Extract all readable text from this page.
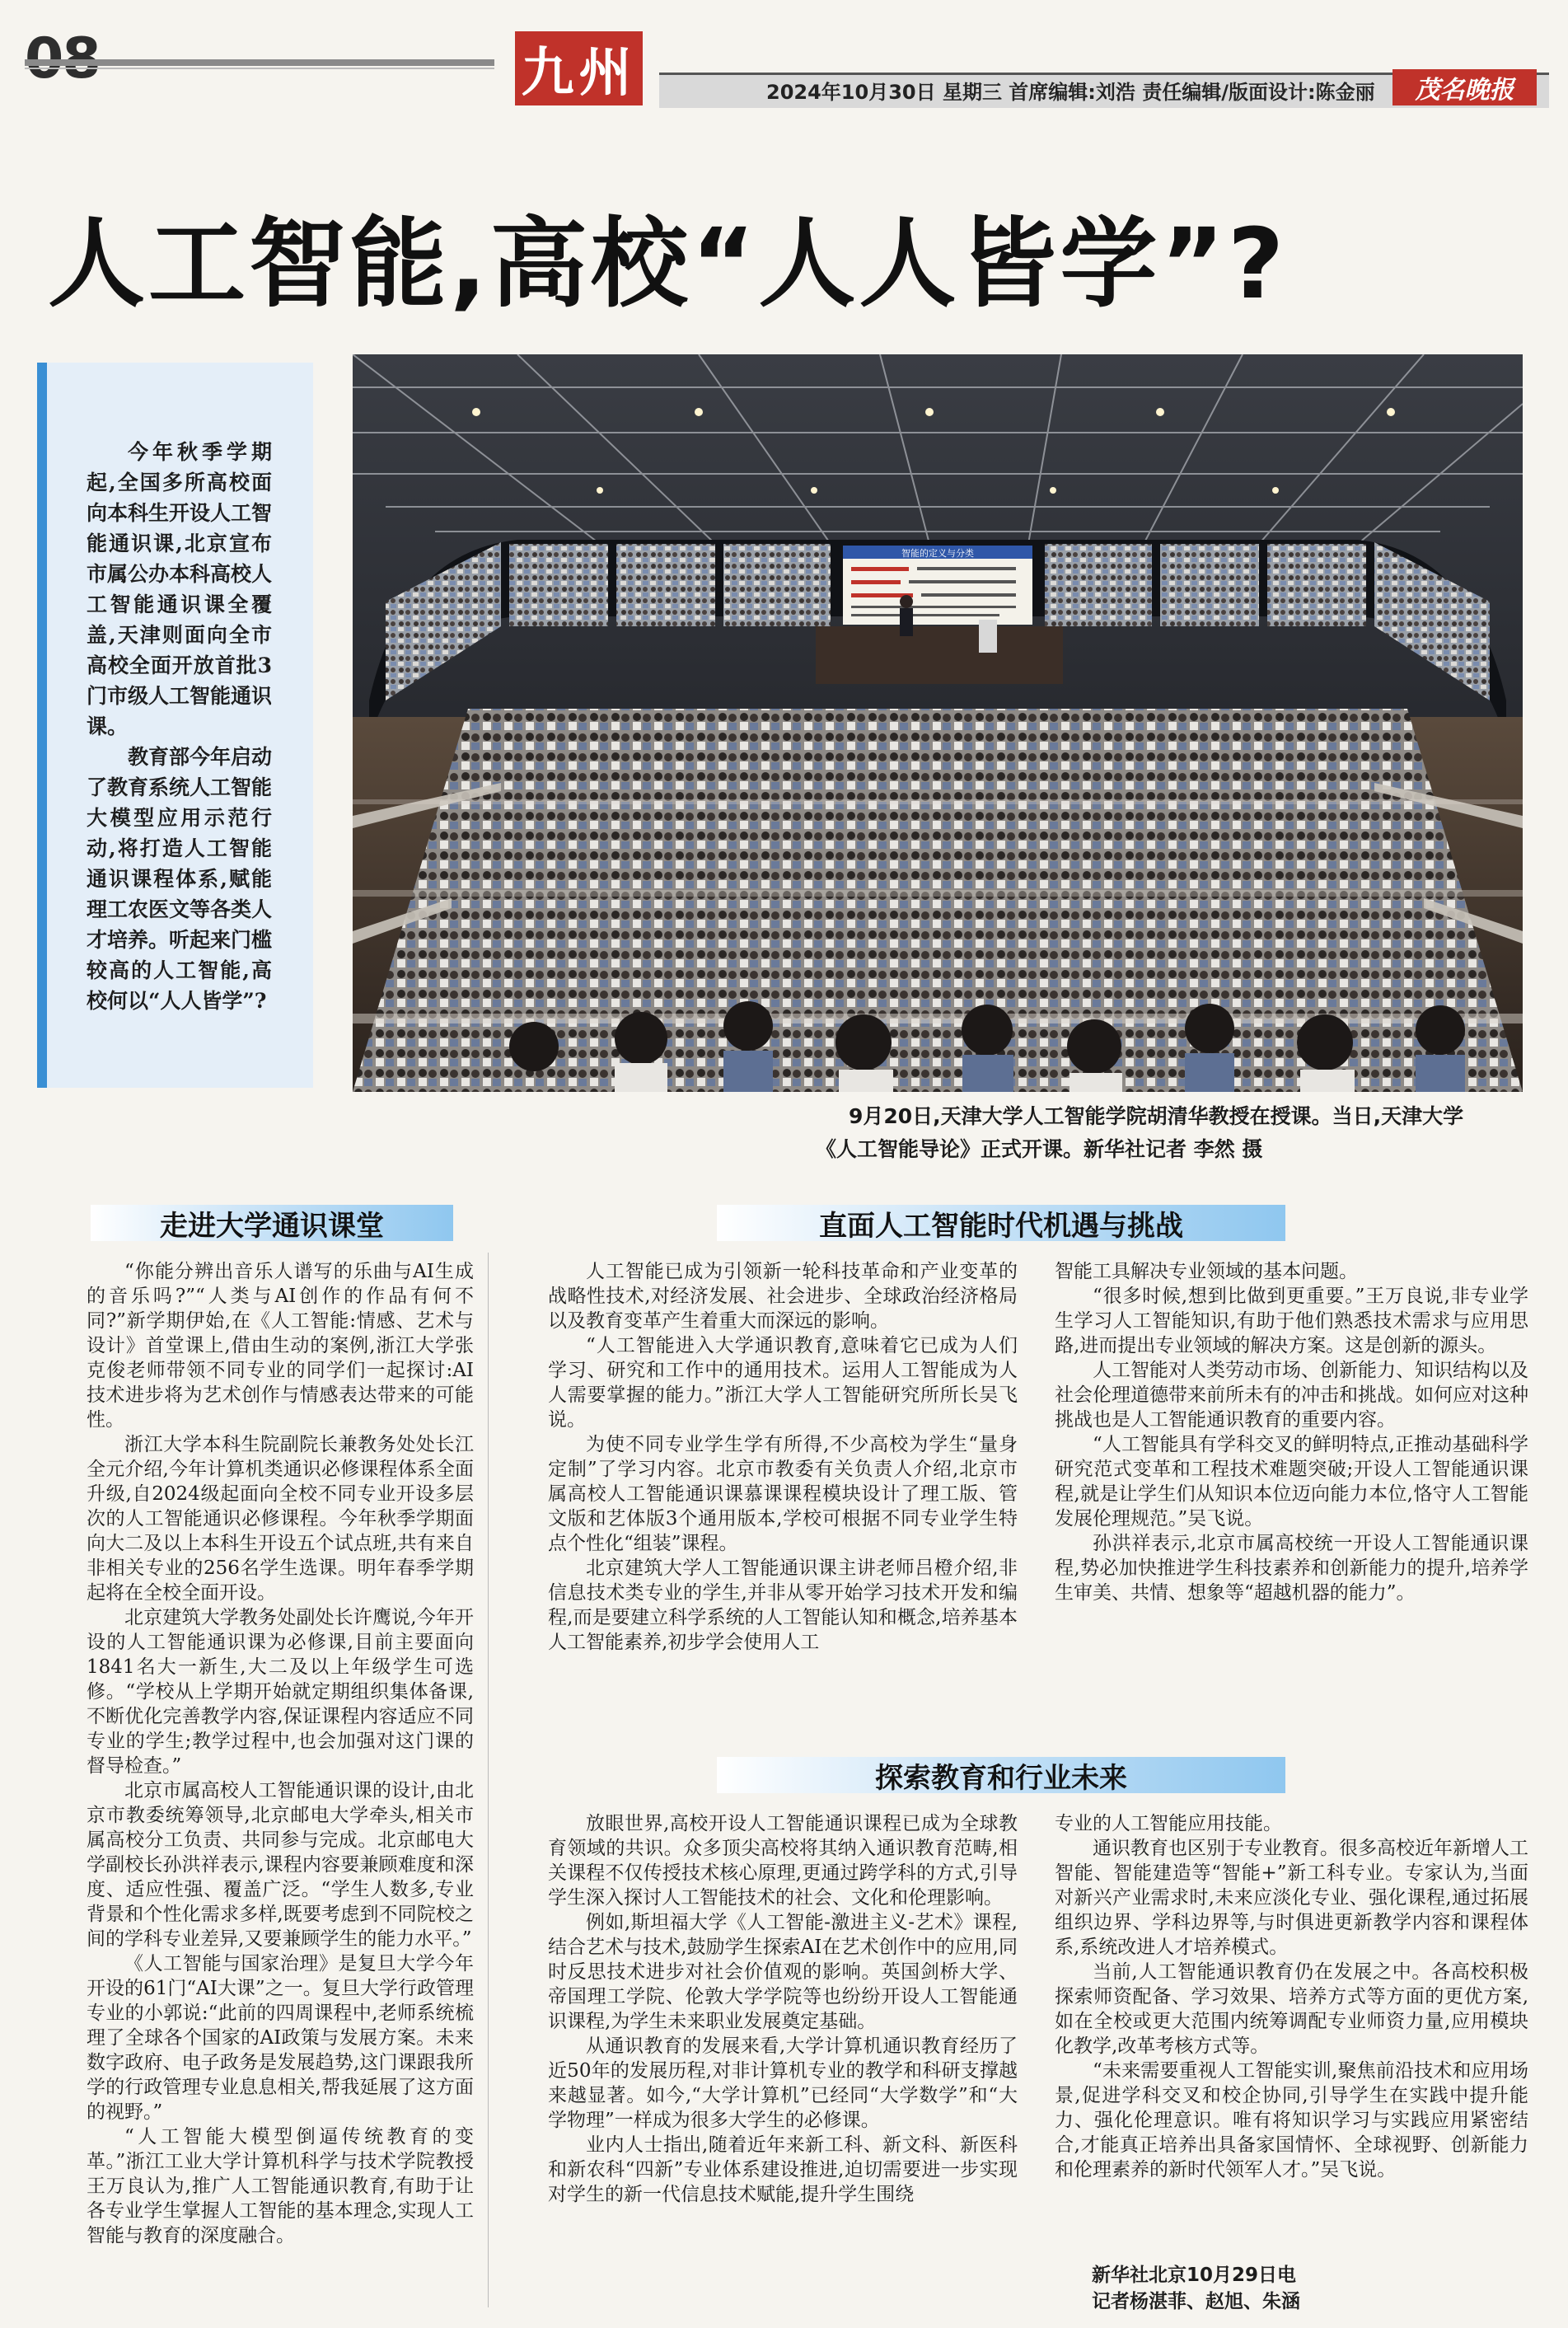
九州	2024年10月30日 星期三 首席编辑:刘浩 责任编辑/版面设计:陈金丽	茂名晚报
人工智能,高校“人人皆学”?

今年秋季学期起,全国多所高校面向本科生开设人工智能通识课,北京宣布市属公办本科高校人工智能通识课全覆盖,天津则面向全市高校全面开放首批3门市级人工智能通识课。

教育部今年启动了教育系统人工智能大模型应用示范行动,将打造人工智能通识课程体系,赋能理工农医文等各类人才培养。听起来门槛较高的人工智能,高校何以“人人皆学”?

智能的定义与分类
9月20日,天津大学人工智能学院胡清华教授在授课。当日,天津大学
《人工智能导论》正式开课。新华社记者 李然 摄
走进大学通识课堂

“你能分辨出音乐人谱写的乐曲与AI生成的音乐吗?”“人类与AI创作的作品有何不同?”新学期伊始,在《人工智能:情感、艺术与设计》首堂课上,借由生动的案例,浙江大学张克俊老师带领不同专业的同学们一起探讨:AI技术进步将为艺术创作与情感表达带来的可能性。

浙江大学本科生院副院长兼教务处处长江全元介绍,今年计算机类通识必修课程体系全面升级,自2024级起面向全校不同专业开设多层次的人工智能通识必修课程。今年秋季学期面向大二及以上本科生开设五个试点班,共有来自非相关专业的256名学生选课。明年春季学期起将在全校全面开设。

北京建筑大学教务处副处长许鹰说,今年开设的人工智能通识课为必修课,目前主要面向1841名大一新生,大二及以上年级学生可选修。“学校从上学期开始就定期组织集体备课,不断优化完善教学内容,保证课程内容适应不同专业的学生;教学过程中,也会加强对这门课的督导检查。”

北京市属高校人工智能通识课的设计,由北京市教委统筹领导,北京邮电大学牵头,相关市属高校分工负责、共同参与完成。北京邮电大学副校长孙洪祥表示,课程内容要兼顾难度和深度、适应性强、覆盖广泛。“学生人数多,专业背景和个性化需求多样,既要考虑到不同院校之间的学科专业差异,又要兼顾学生的能力水平。”

《人工智能与国家治理》是复旦大学今年开设的61门“AI大课”之一。复旦大学行政管理专业的小郭说:“此前的四周课程中,老师系统梳理了全球各个国家的AI政策与发展方案。未来数字政府、电子政务是发展趋势,这门课跟我所学的行政管理专业息息相关,帮我延展了这方面的视野。”

“人工智能大模型倒逼传统教育的变革。”浙江工业大学计算机科学与技术学院教授王万良认为,推广人工智能通识教育,有助于让各专业学生掌握人工智能的基本理念,实现人工智能与教育的深度融合。

直面人工智能时代机遇与挑战

人工智能已成为引领新一轮科技革命和产业变革的战略性技术,对经济发展、社会进步、全球政治经济格局以及教育变革产生着重大而深远的影响。

“人工智能进入大学通识教育,意味着它已成为人们学习、研究和工作中的通用技术。运用人工智能成为人人需要掌握的能力。”浙江大学人工智能研究所所长吴飞说。

为使不同专业学生学有所得,不少高校为学生“量身定制”了学习内容。北京市教委有关负责人介绍,北京市属高校人工智能通识课慕课课程模块设计了理工版、管文版和艺体版3个通用版本,学校可根据不同专业学生特点个性化“组装”课程。

北京建筑大学人工智能通识课主讲老师吕橙介绍,非信息技术类专业的学生,并非从零开始学习技术开发和编程,而是要建立科学系统的人工智能认知和概念,培养基本人工智能素养,初步学会使用人工

智能工具解决专业领域的基本问题。

“很多时候,想到比做到更重要。”王万良说,非专业学生学习人工智能知识,有助于他们熟悉技术需求与应用思路,进而提出专业领域的解决方案。这是创新的源头。

人工智能对人类劳动市场、创新能力、知识结构以及社会伦理道德带来前所未有的冲击和挑战。如何应对这种挑战也是人工智能通识教育的重要内容。

“人工智能具有学科交叉的鲜明特点,正推动基础科学研究范式变革和工程技术难题突破;开设人工智能通识课程,就是让学生们从知识本位迈向能力本位,恪守人工智能发展伦理规范。”吴飞说。

孙洪祥表示,北京市属高校统一开设人工智能通识课程,势必加快推进学生科技素养和创新能力的提升,培养学生审美、共情、想象等“超越机器的能力”。

探索教育和行业未来

放眼世界,高校开设人工智能通识课程已成为全球教育领域的共识。众多顶尖高校将其纳入通识教育范畴,相关课程不仅传授技术核心原理,更通过跨学科的方式,引导学生深入探讨人工智能技术的社会、文化和伦理影响。

例如,斯坦福大学《人工智能-激进主义-艺术》课程,结合艺术与技术,鼓励学生探索AI在艺术创作中的应用,同时反思技术进步对社会价值观的影响。英国剑桥大学、帝国理工学院、伦敦大学学院等也纷纷开设人工智能通识课程,为学生未来职业发展奠定基础。

从通识教育的发展来看,大学计算机通识教育经历了近50年的发展历程,对非计算机专业的教学和科研支撑越来越显著。如今,“大学计算机”已经同“大学数学”和“大学物理”一样成为很多大学生的必修课。

业内人士指出,随着近年来新工科、新文科、新医科和新农科“四新”专业体系建设推进,迫切需要进一步实现对学生的新一代信息技术赋能,提升学生围绕

专业的人工智能应用技能。

通识教育也区别于专业教育。很多高校近年新增人工智能、智能建造等“智能+”新工科专业。专家认为,当面对新兴产业需求时,未来应淡化专业、强化课程,通过拓展组织边界、学科边界等,与时俱进更新教学内容和课程体系,系统改进人才培养模式。

当前,人工智能通识教育仍在发展之中。各高校积极探索师资配备、学习效果、培养方式等方面的更优方案,如在全校或更大范围内统筹调配专业师资力量,应用模块化教学,改革考核方式等。

“未来需要重视人工智能实训,聚焦前沿技术和应用场景,促进学科交叉和校企协同,引导学生在实践中提升能力、强化伦理意识。唯有将知识学习与实践应用紧密结合,才能真正培养出具备家国情怀、全球视野、创新能力和伦理素养的新时代领军人才。”吴飞说。

新华社北京10月29日电
记者杨湛菲、赵旭、朱涵
